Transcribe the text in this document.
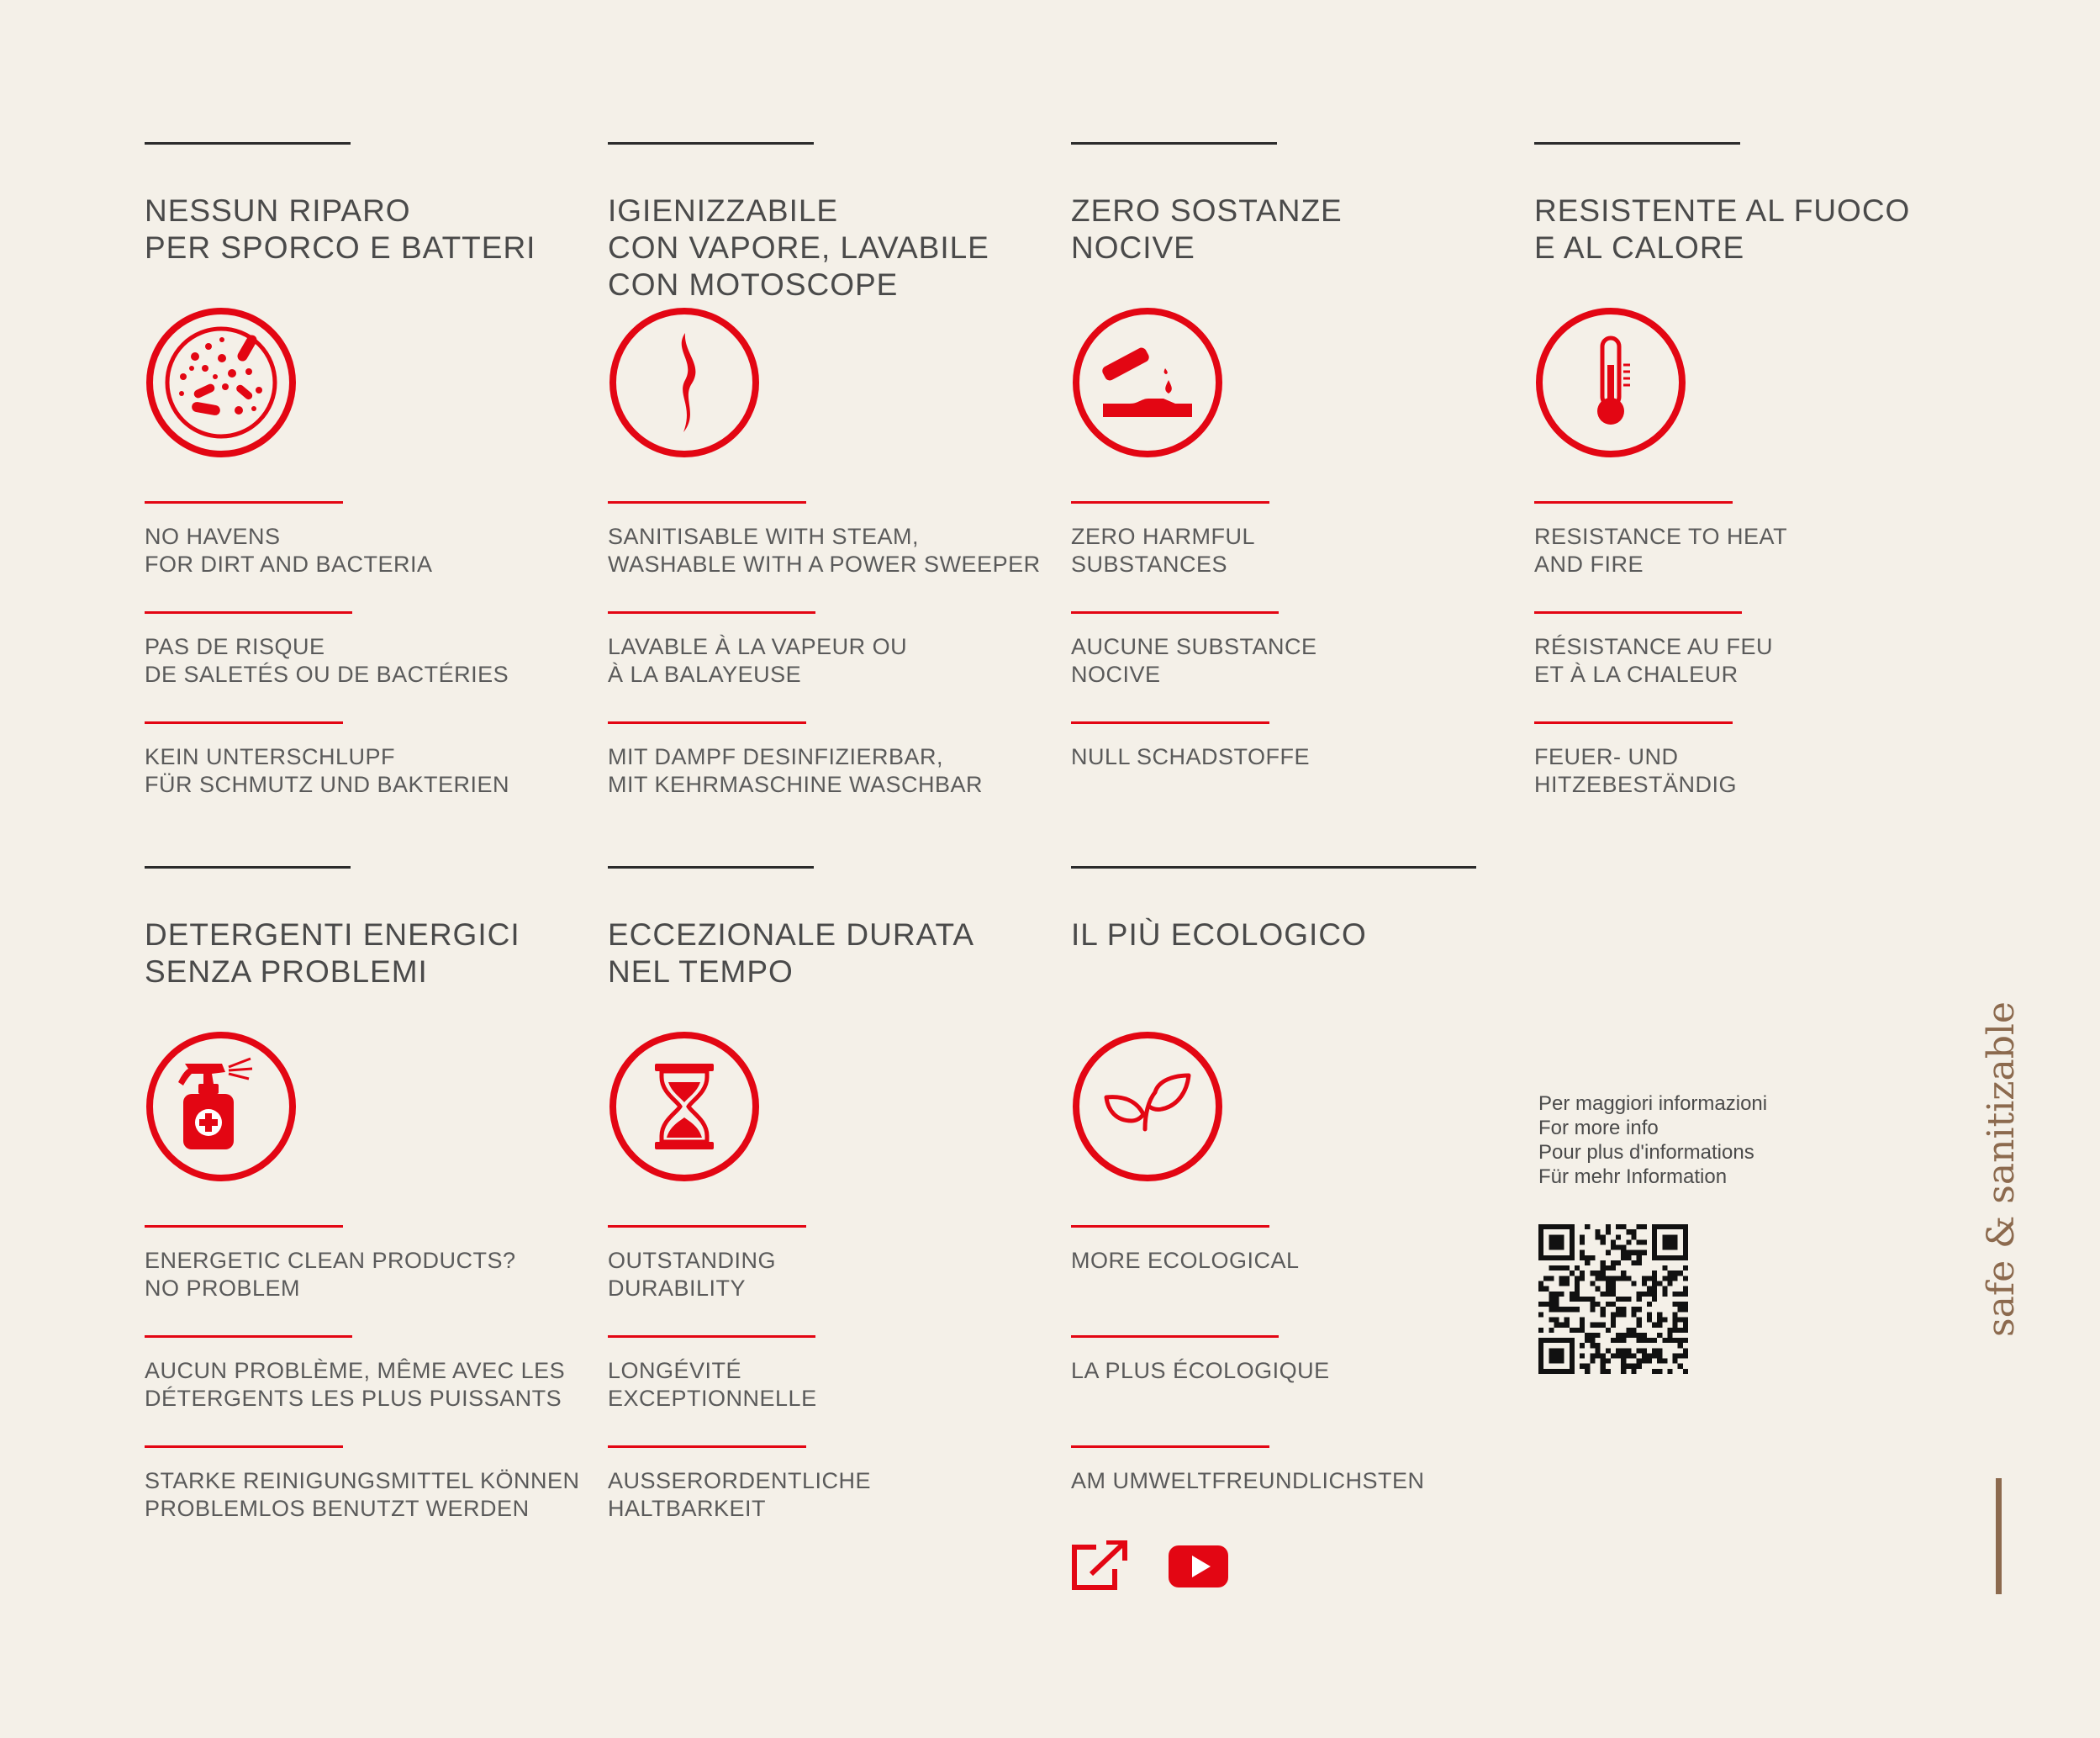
NESSUN RIPARO
PER SPORCO E BATTERI
NO HAVENS
FOR DIRT AND BACTERIA
PAS DE RISQUE
DE SALETÉS OU DE BACTÉRIES
KEIN UNTERSCHLUPF
FÜR SCHMUTZ UND BAKTERIEN
IGIENIZZABILE
CON VAPORE, LAVABILE
CON MOTOSCOPE
SANITISABLE WITH STEAM,
WASHABLE WITH A POWER SWEEPER
LAVABLE À LA VAPEUR OU
À LA BALAYEUSE
MIT DAMPF DESINFIZIERBAR,
MIT KEHRMASCHINE WASCHBAR
ZERO SOSTANZE
NOCIVE
ZERO HARMFUL
SUBSTANCES
AUCUNE SUBSTANCE
NOCIVE
NULL SCHADSTOFFE
RESISTENTE AL FUOCO
E AL CALORE
RESISTANCE TO HEAT
AND FIRE
RÉSISTANCE AU FEU
ET À LA CHALEUR
FEUER- UND
HITZEBESTÄNDIG
DETERGENTI ENERGICI
SENZA PROBLEMI
ENERGETIC CLEAN PRODUCTS?
NO PROBLEM
AUCUN PROBLÈME, MÊME AVEC LES
DÉTERGENTS LES PLUS PUISSANTS
STARKE REINIGUNGSMITTEL KÖNNEN
PROBLEMLOS BENUTZT WERDEN
ECCEZIONALE DURATA
NEL TEMPO
OUTSTANDING
DURABILITY
LONGÉVITÉ
EXCEPTIONNELLE
AUSSERORDENTLICHE
HALTBARKEIT
IL PIÙ ECOLOGICO
MORE ECOLOGICAL
LA PLUS ÉCOLOGIQUE
AM UMWELTFREUNDLICHSTEN
Per maggiori informazioni
For more info
Pour plus d'informations
Für mehr Information	safe & sanitizable
